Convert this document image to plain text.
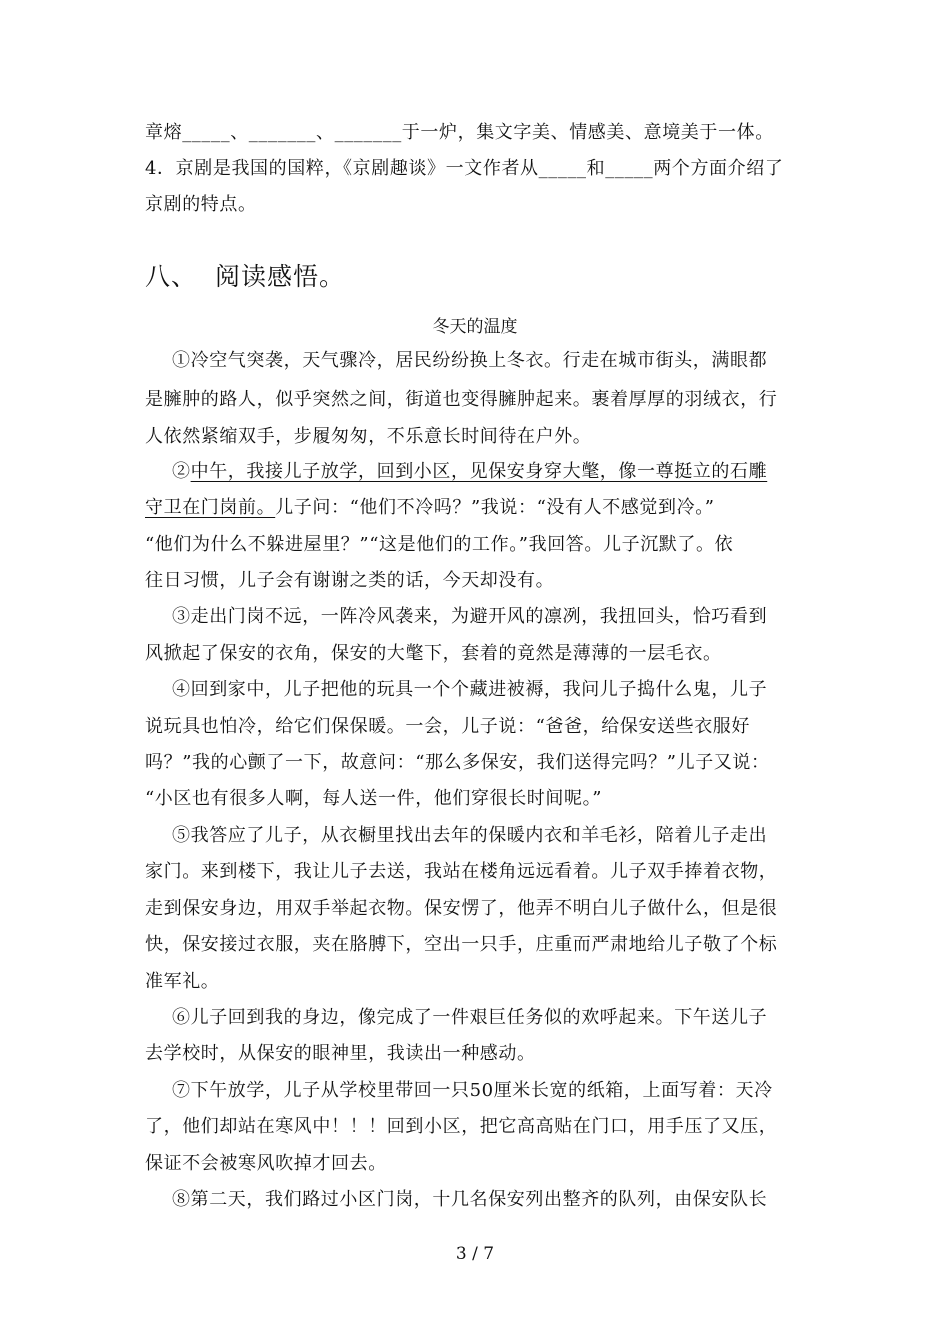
章熔_____、_______、_______于一炉，集文字美、情感美、意境美于一体。
4．京剧是我国的国粹，《京剧趣谈》一文作者从_____和_____两个方面介绍了
京剧的特点。
八、 阅读感悟。
冬天的温度
①冷空气突袭，天气骤冷，居民纷纷换上冬衣。行走在城市街头，满眼都
是臃肿的路人，似乎突然之间，街道也变得臃肿起来。裹着厚厚的羽绒衣，行
人依然紧缩双手，步履匆匆，不乐意长时间待在户外。
②中午，我接儿子放学，回到小区，见保安身穿大氅，像一尊挺立的石雕
守卫在门岗前。儿子问：“他们不冷吗？”我说：“没有人不感觉到冷。”
“他们为什么不躲进屋里？”“这是他们的工作。”我回答。儿子沉默了。依
往日习惯，儿子会有谢谢之类的话，今天却没有。
③走出门岗不远，一阵冷风袭来，为避开风的凛冽，我扭回头，恰巧看到
风掀起了保安的衣角，保安的大氅下，套着的竟然是薄薄的一层毛衣。
④回到家中，儿子把他的玩具一个个藏进被褥，我问儿子捣什么鬼，儿子
说玩具也怕冷，给它们保保暖。一会，儿子说：“爸爸，给保安送些衣服好
吗？”我的心颤了一下，故意问：“那么多保安，我们送得完吗？”儿子又说：
“小区也有很多人啊，每人送一件，他们穿很长时间呢。”
⑤我答应了儿子，从衣橱里找出去年的保暖内衣和羊毛衫，陪着儿子走出
家门。来到楼下，我让儿子去送，我站在楼角远远看着。儿子双手捧着衣物，
走到保安身边，用双手举起衣物。保安愣了，他弄不明白儿子做什么，但是很
快，保安接过衣服，夹在胳膊下，空出一只手，庄重而严肃地给儿子敬了个标
准军礼。
⑥儿子回到我的身边，像完成了一件艰巨任务似的欢呼起来。下午送儿子
去学校时，从保安的眼神里，我读出一种感动。
⑦下午放学，儿子从学校里带回一只50厘米长宽的纸箱，上面写着：天冷
了，他们却站在寒风中！！！回到小区，把它高高贴在门口，用手压了又压，
保证不会被寒风吹掉才回去。
⑧第二天，我们路过小区门岗，十几名保安列出整齐的队列，由保安队长
3 / 7
